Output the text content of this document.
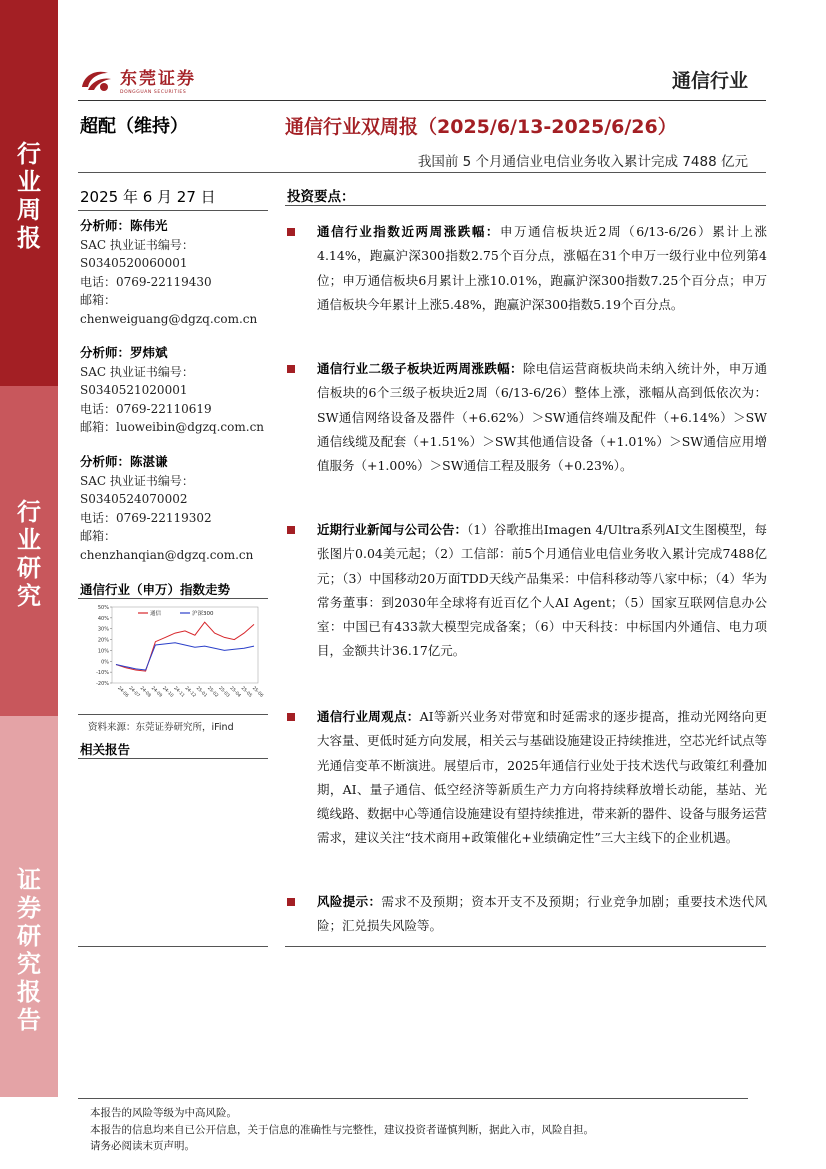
行业周报
行业研究
证券研究报告
东莞证券
DONGGUAN SECURITIES
通信行业
超配（维持）	通信行业双周报（2025/6/13-2025/6/26）
我国前 5 个月通信业电信业务收入累计完成 7488 亿元
2025 年 6 月 27 日
分析师：陈伟光
SAC 执业证书编号：
S0340520060001
电话：0769-22119430
邮箱：
chenweiguang@dgzq.com.cn
分析师：罗炜斌
SAC 执业证书编号：
S0340521020001
电话：0769-22110619
邮箱：luoweibin@dgzq.com.cn
分析师：陈湛谦
SAC 执业证书编号：
S0340524070002
电话：0769-22119302
邮箱：
chenzhanqian@dgzq.com.cn
通信行业（申万）指数走势
50%
40%
30%
20%
10%
0%
-10%
-20%
24-06
24-07
24-08
24-09
24-10
24-11
24-12
25-01
25-02
25-03
25-04
25-05
25-06
通信	沪深300
资料来源：东莞证券研究所，iFind
相关报告
投资要点：
通信行业指数近两周涨跌幅：申万通信板块近2周（6/13-6/26）累计上涨4.14%，跑赢沪深300指数2.75个百分点，涨幅在31个申万一级行业中位列第4位；申万通信板块6月累计上涨10.01%，跑赢沪深300指数7.25个百分点；申万通信板块今年累计上涨5.48%，跑赢沪深300指数5.19个百分点。
通信行业二级子板块近两周涨跌幅：除电信运营商板块尚未纳入统计外，申万通信板块的6个三级子板块近2周（6/13-6/26）整体上涨，涨幅从高到低依次为：SW通信网络设备及器件（+6.62%）＞SW通信终端及配件（+6.14%）＞SW通信线缆及配套（+1.51%）＞SW其他通信设备（+1.01%）＞SW通信应用增值服务（+1.00%）＞SW通信工程及服务（+0.23%）。
近期行业新闻与公司公告：（1）谷歌推出Imagen 4/Ultra系列AI文生图模型，每张图片0.04美元起；（2）工信部：前5个月通信业电信业务收入累计完成7488亿元；（3）中国移动20万面TDD天线产品集采：中信科移动等八家中标；（4）华为常务董事：到2030年全球将有近百亿个人AI Agent；（5）国家互联网信息办公室：中国已有433款大模型完成备案；（6）中天科技：中标国内外通信、电力项目，金额共计36.17亿元。
通信行业周观点：AI等新兴业务对带宽和时延需求的逐步提高，推动光网络向更大容量、更低时延方向发展，相关云与基础设施建设正持续推进，空芯光纤试点等光通信变革不断演进。展望后市，2025年通信行业处于技术迭代与政策红利叠加期，AI、量子通信、低空经济等新质生产力方向将持续释放增长动能，基站、光缆线路、数据中心等通信设施建设有望持续推进，带来新的器件、设备与服务运营需求，建议关注“技术商用+政策催化+业绩确定性”三大主线下的企业机遇。
风险提示：需求不及预期；资本开支不及预期；行业竞争加剧；重要技术迭代风险；汇兑损失风险等。
本报告的风险等级为中高风险。
本报告的信息均来自已公开信息，关于信息的准确性与完整性，建议投资者谨慎判断，据此入市，风险自担。
请务必阅读末页声明。
